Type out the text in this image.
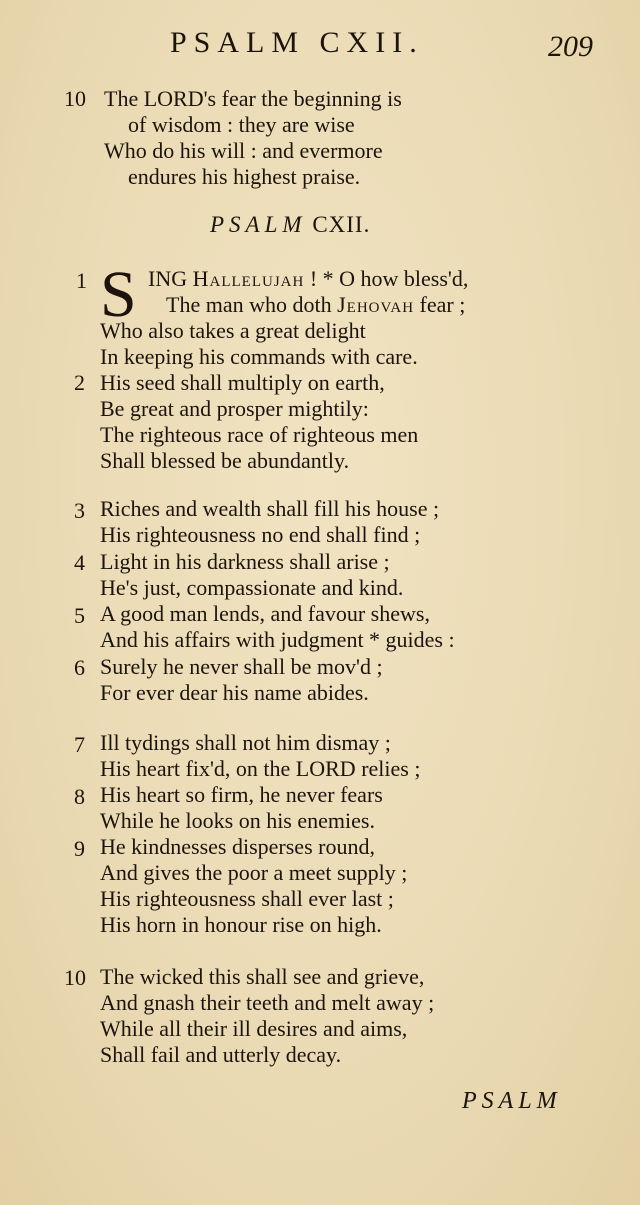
PSALM CXII.	209
10 The LORD's fear the beginning is
of wisdom : they are wise
Who do his will : and evermore
endures his highest praise.
PSALM CXII.
1 S ING Hallelujah ! * O how bless'd,
The man who doth Jehovah fear ;
Who also takes a great delight
In keeping his commands with care.
2 His seed shall multiply on earth,
Be great and prosper mightily:
The righteous race of righteous men
Shall blessed be abundantly.
3 Riches and wealth shall fill his house ;
His righteousness no end shall find ;
4 Light in his darkness shall arise ;
He's just, compassionate and kind.
5 A good man lends, and favour shews,
And his affairs with judgment * guides :
6 Surely he never shall be mov'd ;
For ever dear his name abides.
7 Ill tydings shall not him dismay ;
His heart fix'd, on the LORD relies ;
8 His heart so firm, he never fears
While he looks on his enemies.
9 He kindnesses disperses round,
And gives the poor a meet supply ;
His righteousness shall ever last ;
His horn in honour rise on high.
10 The wicked this shall see and grieve,
And gnash their teeth and melt away ;
While all their ill desires and aims,
Shall fail and utterly decay.
PSALM
